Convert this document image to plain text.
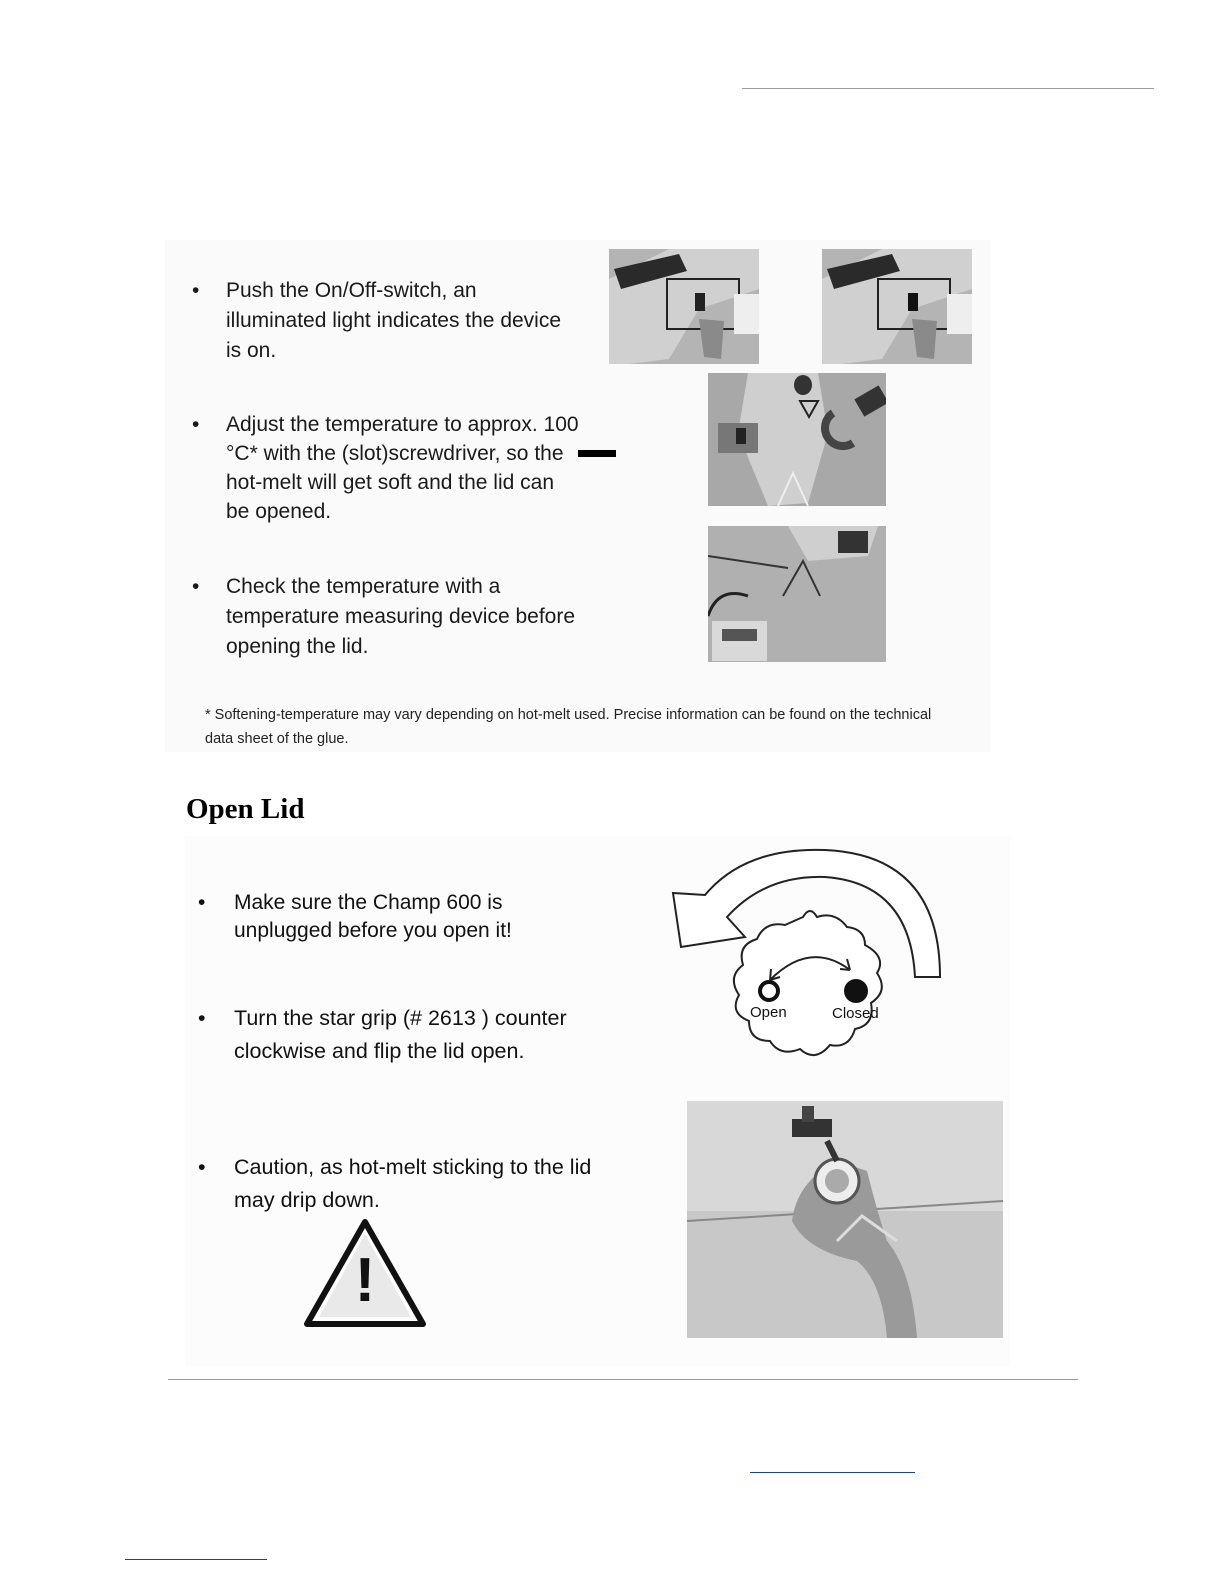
•	Push the On/Off-switch, an
illuminated light indicates the device
is on.
•	Adjust the temperature to approx. 100
°C* with the (slot)screwdriver, so the
hot-melt will get soft and the lid can
be opened.
•	Check the temperature with a
temperature measuring device before
opening the lid.
* Softening-temperature may vary depending on hot-melt used. Precise information can be found on the technical
data sheet of the glue.
Open Lid
• Make sure the Champ 600 is
unplugged before you open it!
• Turn the star grip (# 2613 ) counter
clockwise and flip the lid open.
• Caution, as hot-melt sticking to the lid
may drip down.
Open	Closed
!
